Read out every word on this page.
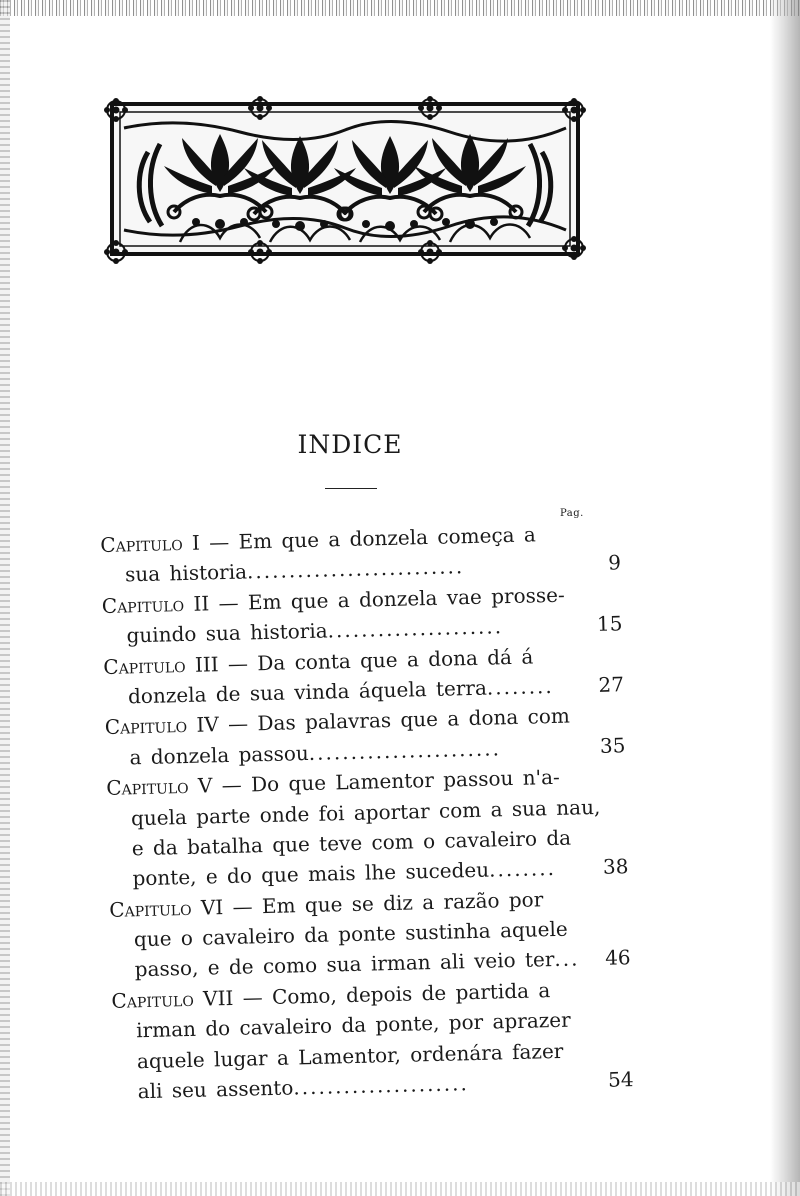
INDICE
Pag.
Capitulo I — Em que a donzela começa a
sua historia..........................	9
Capitulo II — Em que a donzela vae prosse-
guindo sua historia.....................	15
Capitulo III — Da conta que a dona dá á
donzela de sua vinda áquela terra........ 27
Capitulo IV — Das palavras que a dona com
a donzela passou.......................	35
Capitulo V — Do que Lamentor passou n'a-
quela parte onde foi aportar com a sua nau,
e da batalha que teve com o cavaleiro da
ponte, e do que mais lhe sucedeu........ 38
Capitulo VI — Em que se diz a razão por
que o cavaleiro da ponte sustinha aquele
passo, e de como sua irman ali veio ter... 46
Capitulo VII — Como, depois de partida a
irman do cavaleiro da ponte, por aprazer
aquele lugar a Lamentor, ordenára fazer
ali seu assento.....................	54
